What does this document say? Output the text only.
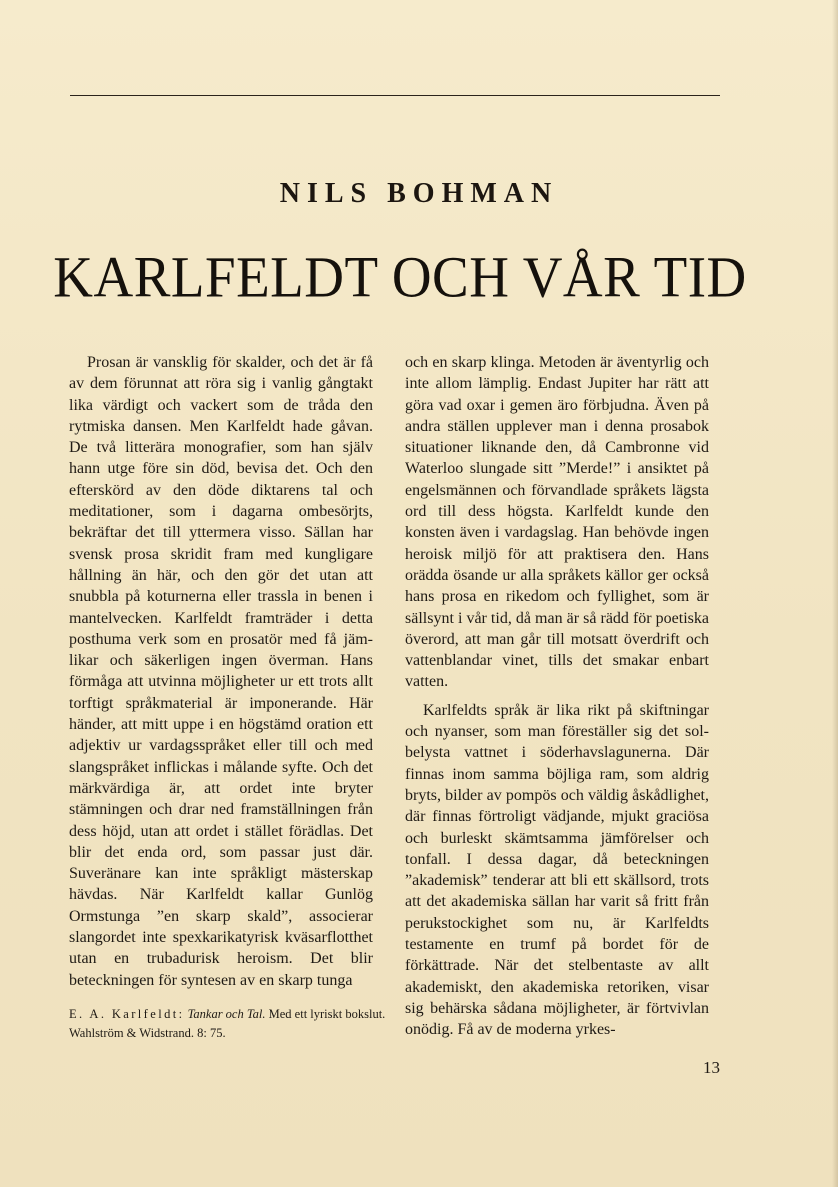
NILS BOHMAN
KARLFELDT OCH VÅR TID

Prosan är vansklig för skalder, och det är få av dem förunnat att röra sig i vanlig gångtakt lika värdigt och vackert som de tråda den rytmiska dansen. Men Karlfeldt hade gåvan. De två litterära monografier, som han själv hann utge före sin död, bevisa det. Och den efterskörd av den döde diktarens tal och meditationer, som i dagarna ombesörjts, bekräftar det till yttermera visso. Sällan har svensk prosa skridit fram med kungligare hållning än här, och den gör det utan att snubbla på koturnerna eller trassla in benen i mantelvecken. Karlfeldt framträder i detta posthuma verk som en prosatör med få jämlikar och säkerligen ingen överman. Hans förmåga att utvinna möjligheter ur ett trots allt torftigt språkmaterial är imponerande. Här händer, att mitt uppe i en högstämd oration ett adjektiv ur vardagsspråket eller till och med slangspråket inflickas i målande syfte. Och det märkvärdiga är, att ordet inte bryter stämningen och drar ned framställningen från dess höjd, utan att ordet i stället förädlas. Det blir det enda ord, som passar just där. Suveränare kan inte språkligt mästerskap hävdas. När Karlfeldt kallar Gunlög Ormstunga ”en skarp skald”, associerar slangordet inte spexkarikatyrisk kväsarflotthet utan en trubadurisk heroism. Det blir beteckningen för syntesen av en skarp tunga

och en skarp klinga. Metoden är äventyrlig och inte allom lämplig. Endast Jupiter har rätt att göra vad oxar i gemen äro förbjudna. Även på andra ställen upplever man i denna prosabok situationer liknande den, då Cambronne vid Waterloo slungade sitt ”Merde!” i ansiktet på engelsmännen och förvandlade språkets lägsta ord till dess högsta. Karlfeldt kunde den konsten även i vardagslag. Han behövde ingen heroisk miljö för att praktisera den. Hans orädda ösande ur alla språkets källor ger också hans prosa en rikedom och fyllighet, som är sällsynt i vår tid, då man är så rädd för poetiska överord, att man går till motsatt överdrift och vattenblandar vinet, tills det smakar enbart vatten.

Karlfeldts språk är lika rikt på skiftningar och nyanser, som man föreställer sig det solbelysta vattnet i söderhavslagunerna. Där finnas inom samma böjliga ram, som aldrig bryts, bilder av pompös och väldig åskådlighet, där finnas förtroligt vädjande, mjukt graciösa och burleskt skämtsamma jämförelser och tonfall. I dessa dagar, då beteckningen ”akademisk” tenderar att bli ett skällsord, trots att det akademiska sällan har varit så fritt från perukstockighet som nu, är Karlfeldts testamente en trumf på bordet för de förkättrade. När det stelbentaste av allt akademiskt, den akademiska retoriken, visar sig behärska sådana möjligheter, är förtvivlan onödig. Få av de moderna yrkes-

E. A. Karlfeldt: Tankar och Tal. Med ett lyriskt bokslut. Wahlström & Widstrand. 8: 75.
13
